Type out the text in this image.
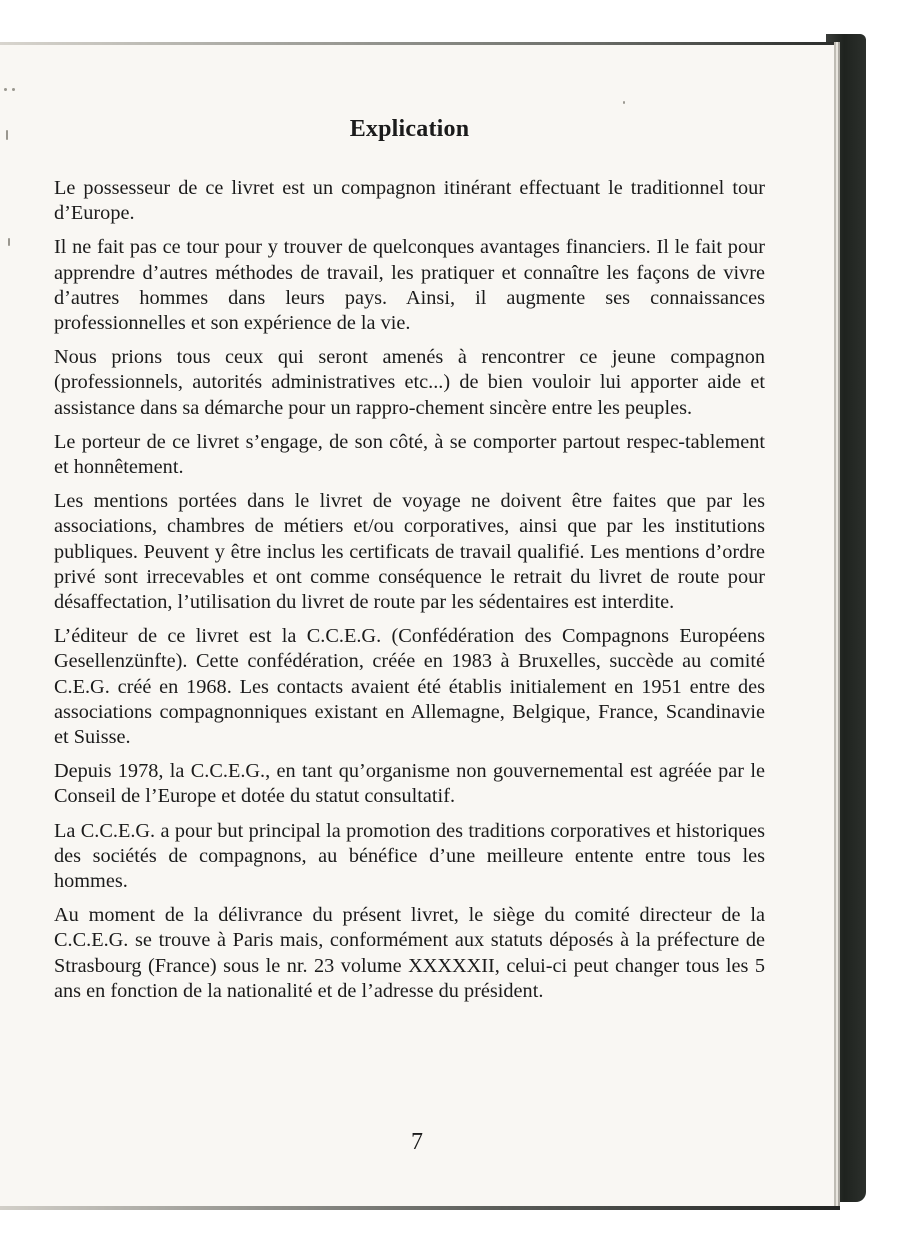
Explication

Le possesseur de ce livret est un compagnon itinérant effectuant le traditionnel tour d’Europe.

Il ne fait pas ce tour pour y trouver de quelconques avantages financiers. Il le fait pour apprendre d’autres méthodes de travail, les pratiquer et connaître les façons de vivre d’autres hommes dans leurs pays. Ainsi, il augmente ses connaissances professionnelles et son expérience de la vie.

Nous prions tous ceux qui seront amenés à rencontrer ce jeune compagnon (professionnels, autorités administratives etc...) de bien vouloir lui apporter aide et assistance dans sa démarche pour un rappro-chement sincère entre les peuples.

Le porteur de ce livret s’engage, de son côté, à se comporter partout respec-tablement et honnêtement.

Les mentions portées dans le livret de voyage ne doivent être faites que par les associations, chambres de métiers et/ou corporatives, ainsi que par les institutions publiques. Peuvent y être inclus les certificats de travail qualifié. Les mentions d’ordre privé sont irrecevables et ont comme conséquence le retrait du livret de route pour désaffectation, l’utilisation du livret de route par les sédentaires est interdite.

L’éditeur de ce livret est la C.C.E.G. (Confédération des Compagnons Européens Gesellenzünfte). Cette confédération, créée en 1983 à Bruxelles, succède au comité C.E.G. créé en 1968. Les contacts avaient été établis initialement en 1951 entre des associations compagnonniques existant en Allemagne, Belgique, France, Scandinavie et Suisse.

Depuis 1978, la C.C.E.G., en tant qu’organisme non gouvernemental est agréée par le Conseil de l’Europe et dotée du statut consultatif.

La C.C.E.G. a pour but principal la promotion des traditions corporatives et historiques des sociétés de compagnons, au bénéfice d’une meilleure entente entre tous les hommes.

Au moment de la délivrance du présent livret, le siège du comité directeur de la C.C.E.G. se trouve à Paris mais, conformément aux statuts déposés à la préfecture de Strasbourg (France) sous le nr. 23 volume XXXXXII, celui-ci peut changer tous les 5 ans en fonction de la nationalité et de l’adresse du président.

7
